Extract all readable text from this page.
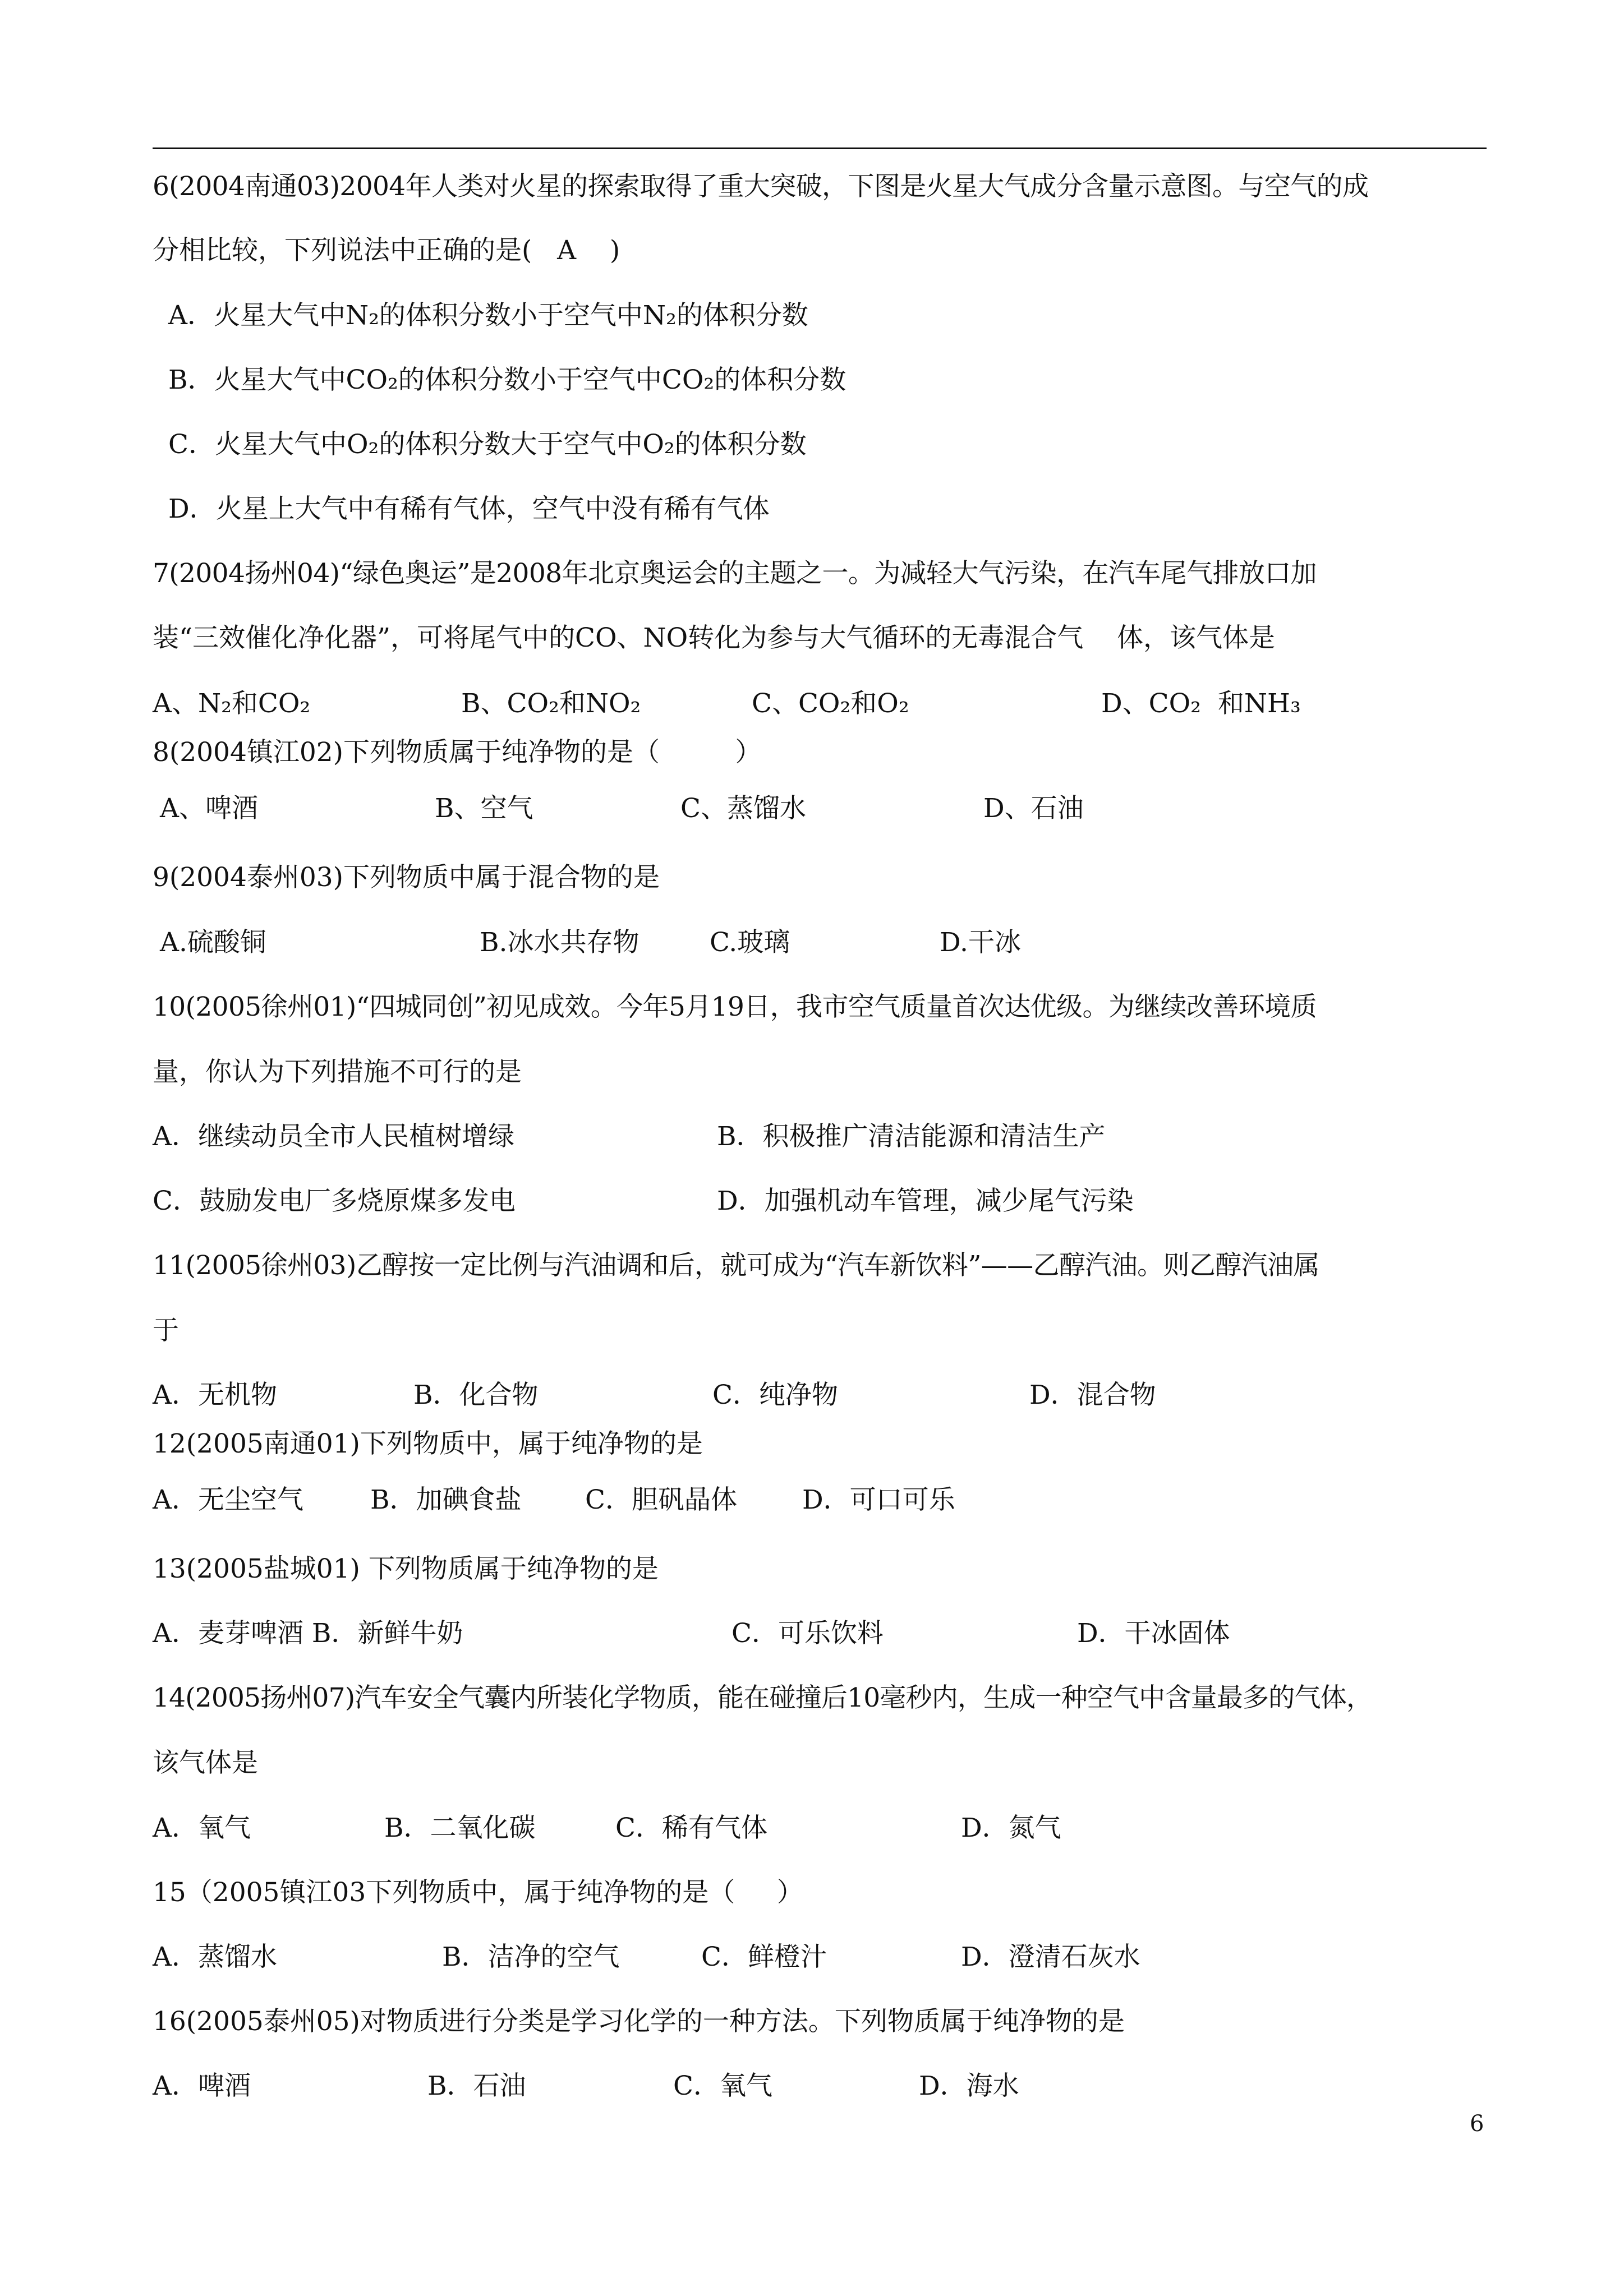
6(2004南通03)2004年人类对火星的探索取得了重大突破，下图是火星大气成分含量示意图。与空气的成
分相比较，下列说法中正确的是(   A    )
A．火星大气中N₂的体积分数小于空气中N₂的体积分数
B．火星大气中CO₂的体积分数小于空气中CO₂的体积分数
C．火星大气中O₂的体积分数大于空气中O₂的体积分数
D．火星上大气中有稀有气体，空气中没有稀有气体
7(2004扬州04)“绿色奥运”是2008年北京奥运会的主题之一。为减轻大气污染，在汽车尾气排放口加
装“三效催化净化器”，可将尾气中的CO、NO转化为参与大气循环的无毒混合气    体，该气体是
A、N₂和CO₂	B、CO₂和NO₂	C、CO₂和O₂	D、CO₂  和NH₃
8(2004镇江02)下列物质属于纯净物的是（         ）
A、啤酒	B、空气	C、蒸馏水	D、石油
9(2004泰州03)下列物质中属于混合物的是
A.硫酸铜	B.冰水共存物	C.玻璃	D.干冰
10(2005徐州01)“四城同创”初见成效。今年5月19日，我市空气质量首次达优级。为继续改善环境质
量，你认为下列措施不可行的是
A．继续动员全市人民植树增绿	B．积极推广清洁能源和清洁生产
C．鼓励发电厂多烧原煤多发电	D．加强机动车管理，减少尾气污染
11(2005徐州03)乙醇按一定比例与汽油调和后，就可成为“汽车新饮料”——乙醇汽油。则乙醇汽油属
于
A．无机物	B．化合物	C．纯净物	D．混合物
12(2005南通01)下列物质中，属于纯净物的是
A．无尘空气	B．加碘食盐 C．胆矾晶体 D．可口可乐
13(2005盐城01) 下列物质属于纯净物的是
A．麦芽啤酒 B．新鲜牛奶	C．可乐饮料	D．干冰固体
14(2005扬州07)汽车安全气囊内所装化学物质，能在碰撞后10毫秒内，生成一种空气中含量最多的气体，
该气体是
A．氧气	B．二氧化碳	C．稀有气体	D．氮气
15（2005镇江03下列物质中，属于纯净物的是（     ）
A．蒸馏水	B．洁净的空气	C．鲜橙汁	D．澄清石灰水
16(2005泰州05)对物质进行分类是学习化学的一种方法。下列物质属于纯净物的是
A．啤酒	B．石油	C．氧气	D．海水
6
